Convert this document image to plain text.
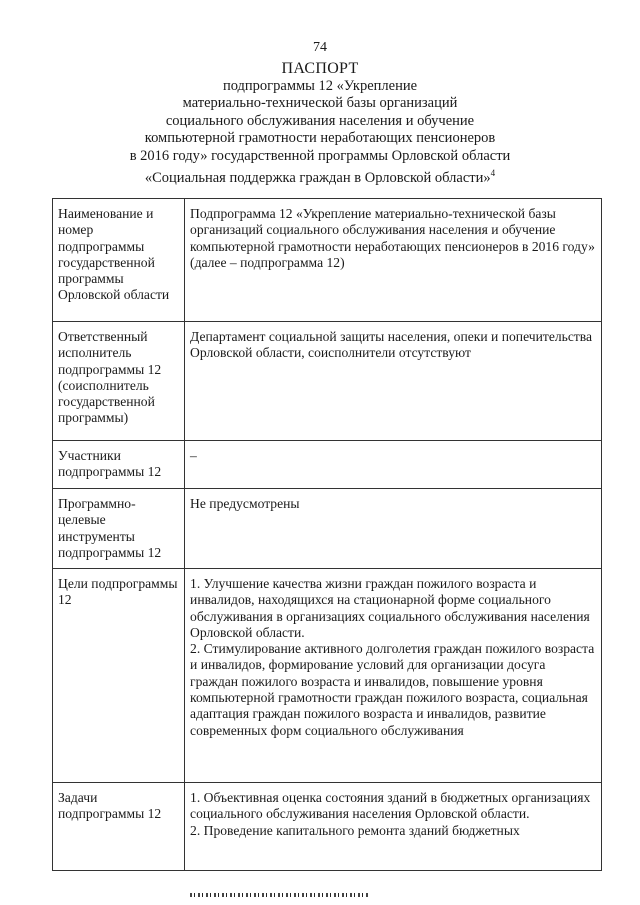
74
ПАСПОРТ
подпрограммы 12 «Укрепление
материально-технической базы организаций
социального обслуживания населения и обучение
компьютерной грамотности неработающих пенсионеров
в 2016 году» государственной программы Орловской области
«Социальная поддержка граждан в Орловской области»$^4$
Наименование и номер подпрограммы государственной программы Орловской области	Подпрограмма 12 «Укрепление материально-технической базы организаций социального обслуживания населения и обучение компьютерной грамотности неработающих пенсионеров в 2016 году» (далее – подпрограмма 12)

Ответственный исполнитель подпрограммы 12 (соисполнитель государственной программы)	Департамент социальной защиты населения, опеки и попечительства Орловской области, соисполнители отсутствуют

Участники подпрограммы 12	–

Программно-целевые инструменты подпрограммы 12	Не предусмотрены

Цели подпрограммы 12	1. Улучшение качества жизни граждан пожилого возраста и инвалидов, находящихся на стационарной форме социального обслуживания в организациях социального обслуживания населения Орловской области.

2. Стимулирование активного долголетия граждан пожилого возраста и инвалидов, формирование условий для организации досуга граждан пожилого возраста и инвалидов, повышение уровня компьютерной грамотности граждан пожилого возраста, социальная адаптация граждан пожилого возраста и инвалидов, развитие современных форм социального обслуживания

Задачи подпрограммы 12	1. Объективная оценка состояния зданий в бюджетных организациях социального обслуживания населения Орловской области.

2. Проведение капитального ремонта зданий бюджетных
